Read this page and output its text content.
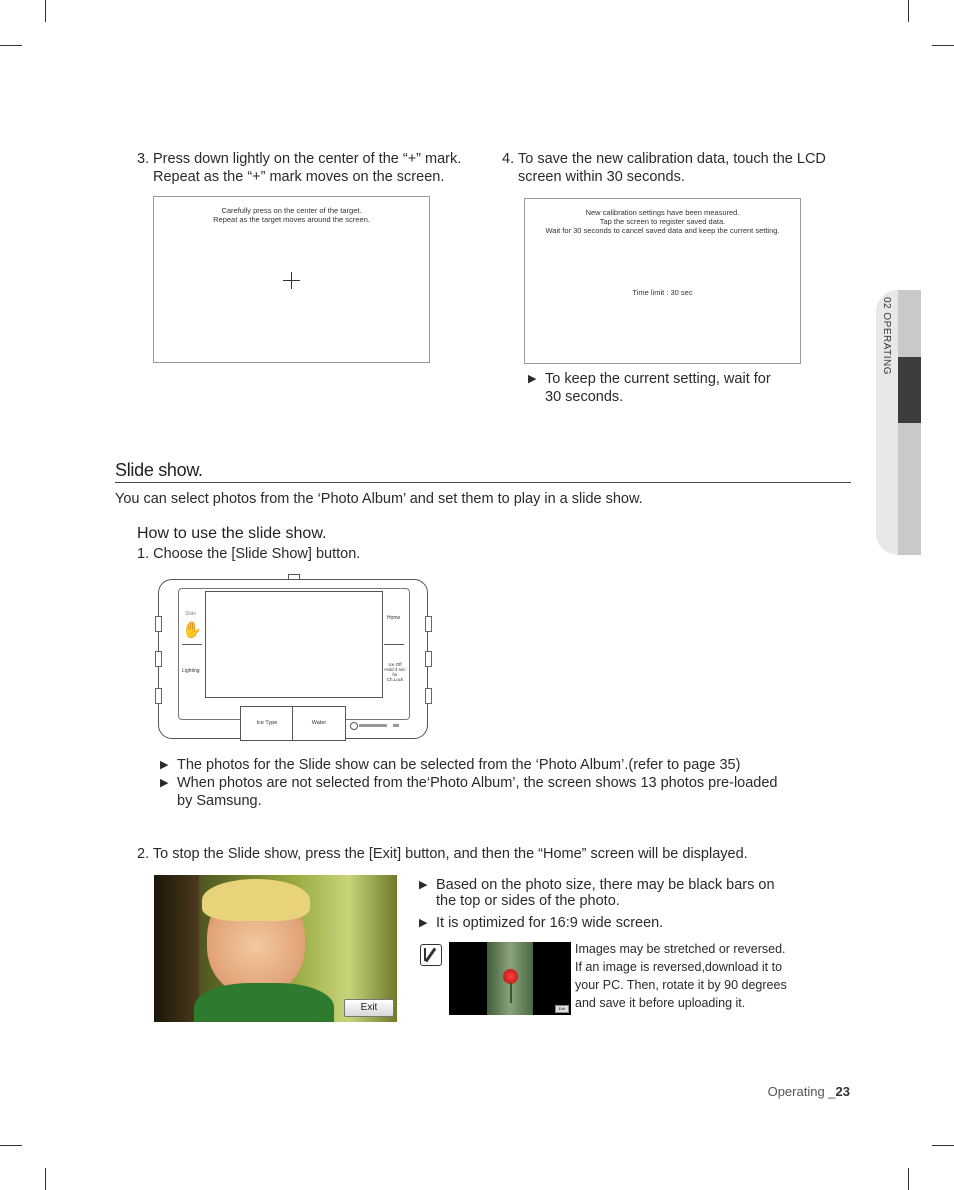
02 OPERATING
3. Press down lightly on the center of the “+” mark.
Repeat as the “+” mark moves on the screen.
Carefully press on the center of the target.
Repeat as the target moves around the screen.
4. To save the new calibration data, touch the LCD
screen within 30 seconds.
New calibration settings have been measured.
Tap the screen to register saved data.
Wait for 30 seconds to cancel saved data and keep the current setting.
Time limit : 30 sec
▶ To keep the current setting, wait for
30 seconds.
Slide show.
You can select photos from the ‘Photo Album’ and set them to play in a slide show.
How to use the slide show.
1. Choose the [Slide Show] button.
Slide
✋
Lighting
Home
Ice Off
Hold 3 sec
for Ch.Lock
Ice Type	Water
▶ The photos for the Slide show can be selected from the ‘Photo Album’.(refer to page 35)
▶ When photos are not selected from the‘Photo Album’, the screen shows 13 photos pre-loaded
by Samsung.
2. To stop the Slide show, press the [Exit] button, and then the “Home” screen will be displayed.
Exit
▶ Based on the photo size, there may be black bars on
the top or sides of the photo.
▶ It is optimized for 16:9 wide screen.
Exit
Images may be stretched or reversed.
If an image is reversed,download it to
your PC. Then, rotate it by 90 degrees
and save it before uploading it.
Operating _23
